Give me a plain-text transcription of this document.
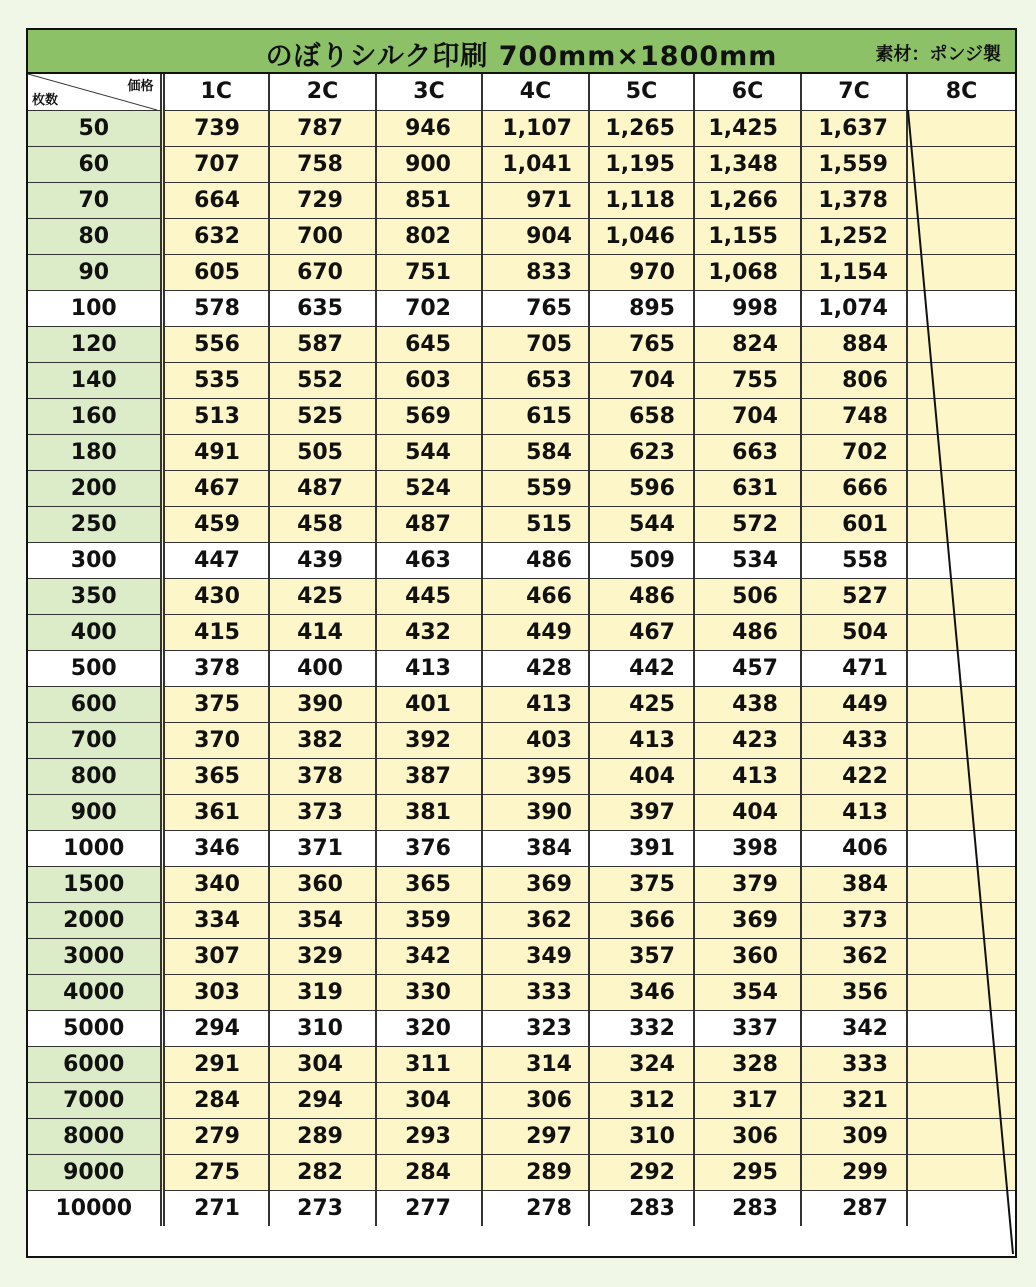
のぼりシルク印刷 700mm×1800mm	素材：ポンジ製
価格
枚数	1C	2C	3C	4C	5C	6C	7C	8C
50	739	787	946	1,107	1,265	1,425	1,637	
60	707	758	900	1,041	1,195	1,348	1,559	
70	664	729	851	971	1,118	1,266	1,378	
80	632	700	802	904	1,046	1,155	1,252	
90	605	670	751	833	970	1,068	1,154	
100	578	635	702	765	895	998	1,074	
120	556	587	645	705	765	824	884	
140	535	552	603	653	704	755	806	
160	513	525	569	615	658	704	748	
180	491	505	544	584	623	663	702	
200	467	487	524	559	596	631	666	
250	459	458	487	515	544	572	601	
300	447	439	463	486	509	534	558	
350	430	425	445	466	486	506	527	
400	415	414	432	449	467	486	504	
500	378	400	413	428	442	457	471	
600	375	390	401	413	425	438	449	
700	370	382	392	403	413	423	433	
800	365	378	387	395	404	413	422	
900	361	373	381	390	397	404	413	
1000	346	371	376	384	391	398	406	
1500	340	360	365	369	375	379	384	
2000	334	354	359	362	366	369	373	
3000	307	329	342	349	357	360	362	
4000	303	319	330	333	346	354	356	
5000	294	310	320	323	332	337	342	
6000	291	304	311	314	324	328	333	
7000	284	294	304	306	312	317	321	
8000	279	289	293	297	310	306	309	
9000	275	282	284	289	292	295	299	
10000	271	273	277	278	283	283	287	
